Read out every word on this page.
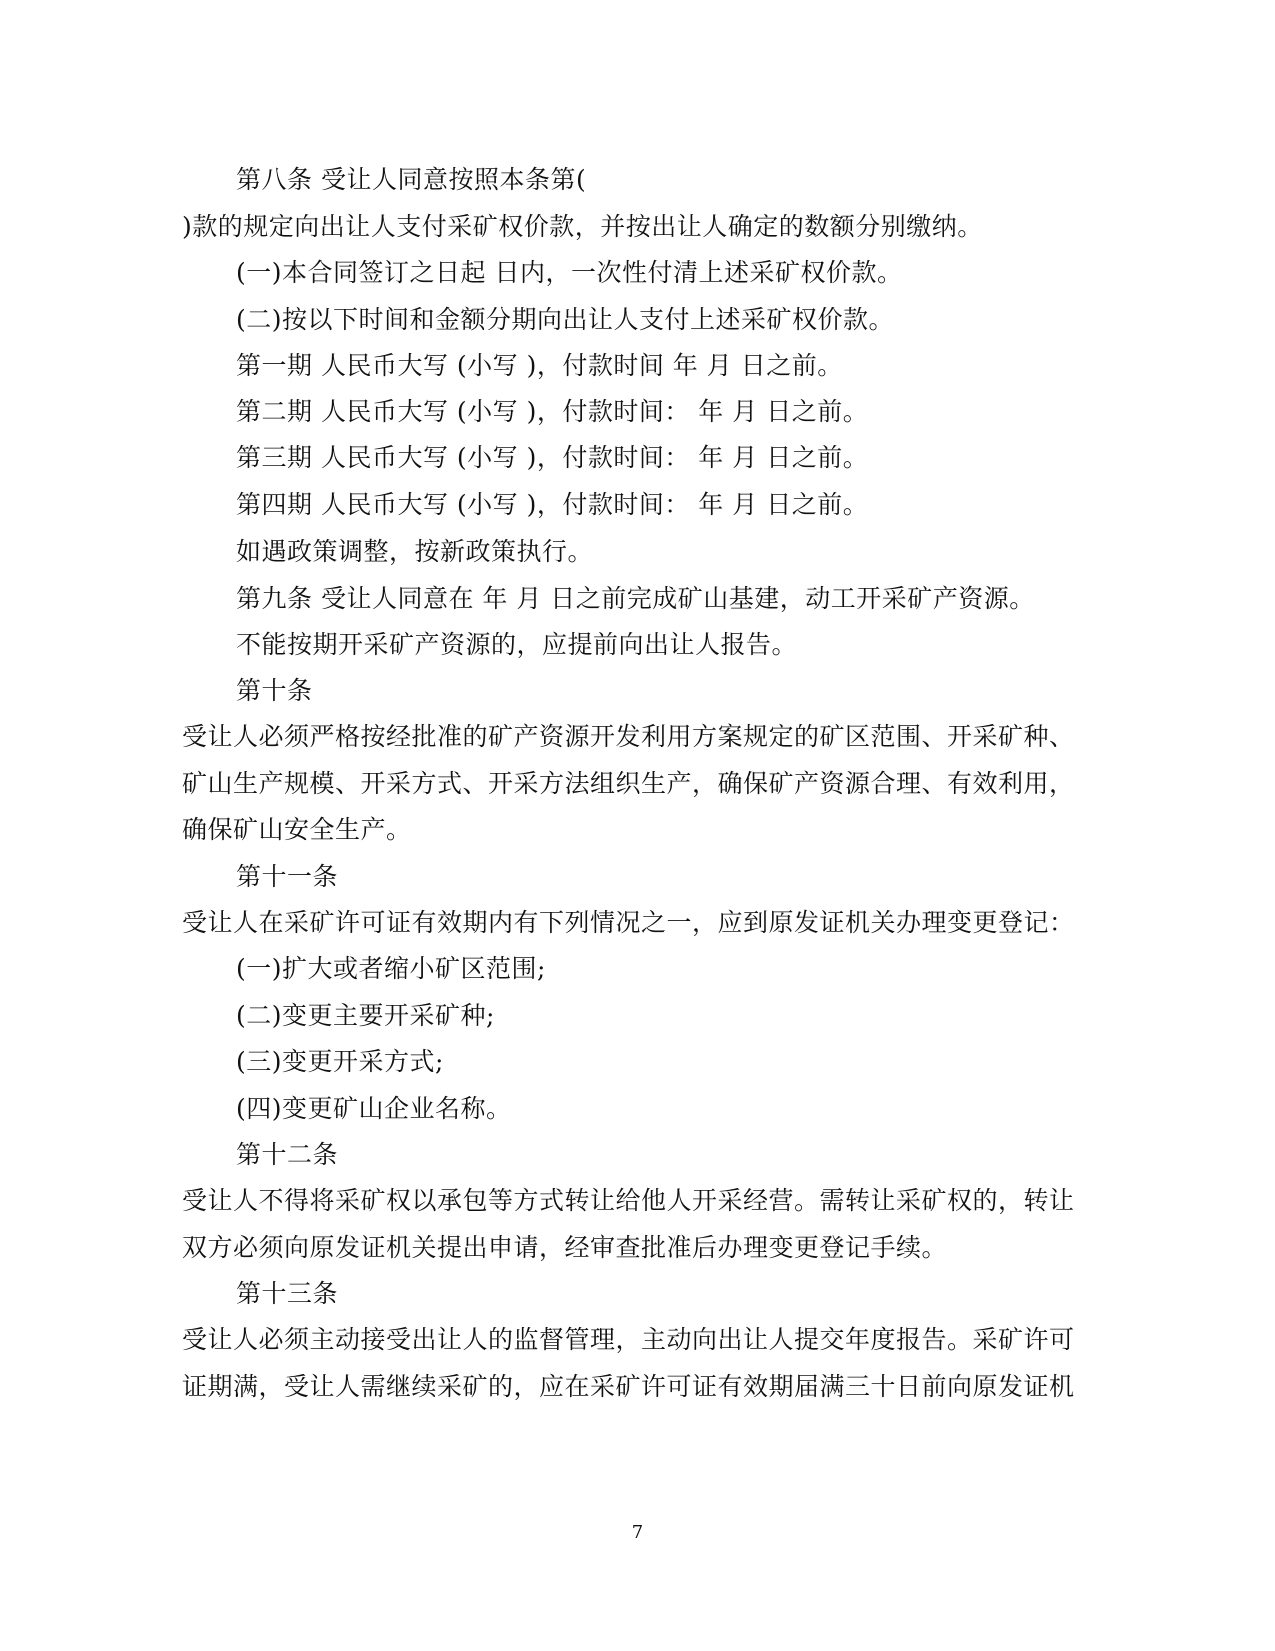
第八条 受让人同意按照本条第(
)款的规定向出让人支付采矿权价款，并按出让人确定的数额分别缴纳。
(一)本合同签订之日起 日内，一次性付清上述采矿权价款。
(二)按以下时间和金额分期向出让人支付上述采矿权价款。
第一期 人民币大写 (小写 )，付款时间 年 月 日之前。
第二期 人民币大写 (小写 )，付款时间： 年 月 日之前。
第三期 人民币大写 (小写 )，付款时间： 年 月 日之前。
第四期 人民币大写 (小写 )，付款时间： 年 月 日之前。
如遇政策调整，按新政策执行。
第九条 受让人同意在 年 月 日之前完成矿山基建，动工开采矿产资源。
不能按期开采矿产资源的，应提前向出让人报告。
第十条
受让人必须严格按经批准的矿产资源开发利用方案规定的矿区范围、开采矿种、
矿山生产规模、开采方式、开采方法组织生产，确保矿产资源合理、有效利用，
确保矿山安全生产。
第十一条
受让人在采矿许可证有效期内有下列情况之一，应到原发证机关办理变更登记：
(一)扩大或者缩小矿区范围;
(二)变更主要开采矿种;
(三)变更开采方式;
(四)变更矿山企业名称。
第十二条
受让人不得将采矿权以承包等方式转让给他人开采经营。需转让采矿权的，转让
双方必须向原发证机关提出申请，经审查批准后办理变更登记手续。
第十三条
受让人必须主动接受出让人的监督管理，主动向出让人提交年度报告。采矿许可
证期满，受让人需继续采矿的，应在采矿许可证有效期届满三十日前向原发证机
7
